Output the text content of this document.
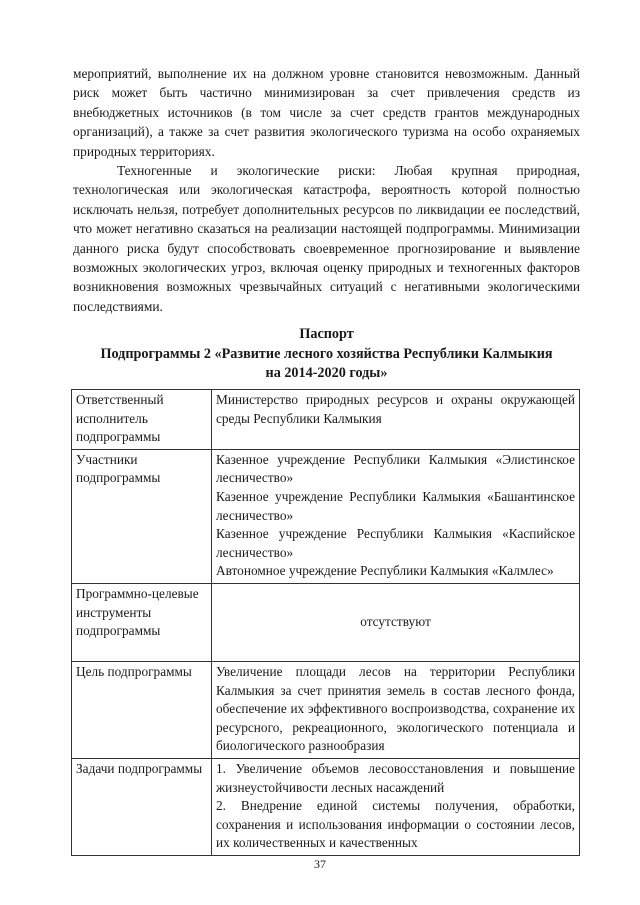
мероприятий, выполнение их на должном уровне становится невозможным. Данный риск может быть частично минимизирован за счет привлечения средств из внебюджетных источников (в том числе за счет средств грантов международных организаций), а также за счет развития экологического туризма на особо охраняемых природных территориях.

Техногенные и экологические риски: Любая крупная природная, технологическая или экологическая катастрофа, вероятность которой полностью исключать нельзя, потребует дополнительных ресурсов по ликвидации ее последствий, что может негативно сказаться на реализации настоящей подпрограммы. Минимизации данного риска будут способствовать своевременное прогнозирование и выявление возможных экологических угроз, включая оценку природных и техногенных факторов возникновения возможных чрезвычайных ситуаций с негативными экологическими последствиями.

Паспорт
Подпрограммы 2 «Развитие лесного хозяйства Республики Калмыкия
на 2014-2020 годы»
Ответственный исполнитель подпрограммы	Министерство природных ресурсов и охраны окружающей среды Республики Калмыкия
Участники подпрограммы	Казенное учреждение Республики Калмыкия «Элистинское лесничество»
Казенное учреждение Республики Калмыкия «Башантинское лесничество»
Казенное учреждение Республики Калмыкия «Каспийское лесничество»
Автономное учреждение Республики Калмыкия «Калмлес»

Программно-целевые инструменты подпрограммы	отсутствуют
Цель подпрограммы	Увеличение площади лесов на территории Республики Калмыкия за счет принятия земель в состав лесного фонда, обеспечение их эффективного воспроизводства, сохранение их ресурсного, рекреационного, экологического потенциала и биологического разнообразия
Задачи подпрограммы	1. Увеличение объемов лесовосстановления и повышение жизнеустойчивости лесных насаждений
2. Внедрение единой системы получения, обработки, сохранения и использования информации о состоянии лесов, их количественных и качественных
37
